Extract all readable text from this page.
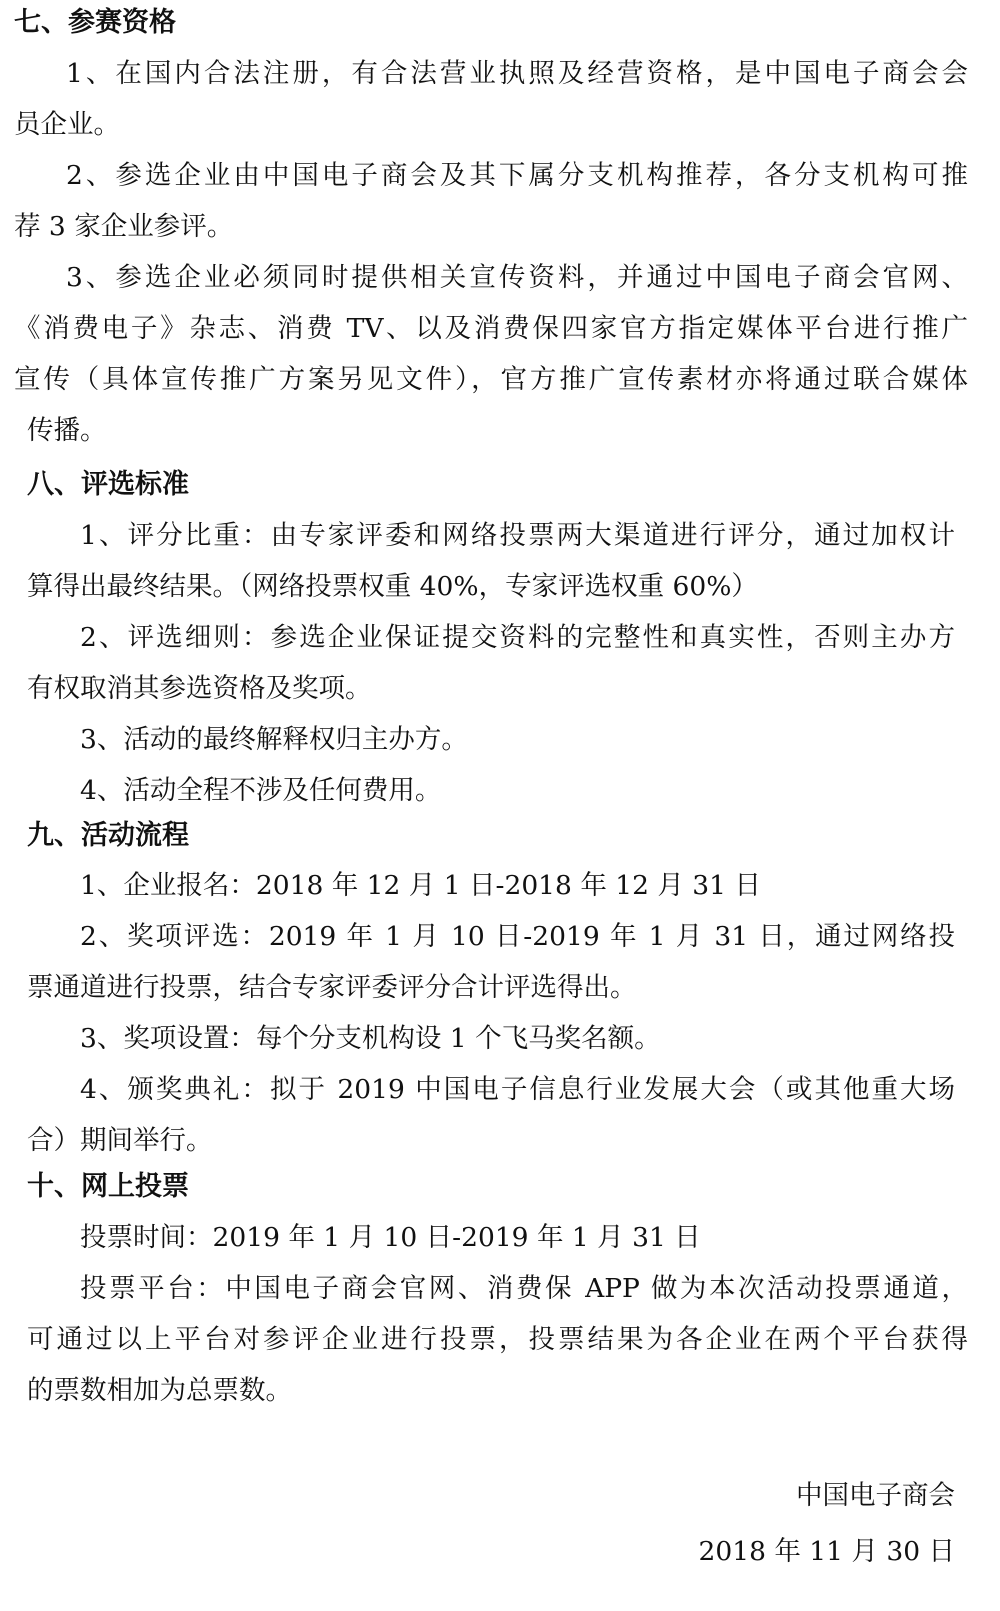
七、参赛资格
1、在国内合法注册，有合法营业执照及经营资格，是中国电子商会会
员企业。
2、参选企业由中国电子商会及其下属分支机构推荐，各分支机构可推
荐 3 家企业参评。
3、参选企业必须同时提供相关宣传资料，并通过中国电子商会官网、
《消费电子》杂志、消费 TV、以及消费保四家官方指定媒体平台进行推广
宣传（具体宣传推广方案另见文件），官方推广宣传素材亦将通过联合媒体
传播。
八、评选标准
1、评分比重：由专家评委和网络投票两大渠道进行评分，通过加权计
算得出最终结果。（网络投票权重 40%，专家评选权重 60%）
2、评选细则：参选企业保证提交资料的完整性和真实性，否则主办方
有权取消其参选资格及奖项。
3、活动的最终解释权归主办方。
4、活动全程不涉及任何费用。
九、活动流程
1、企业报名：2018 年 12 月 1 日-2018 年 12 月 31 日
2、奖项评选：2019 年 1 月 10 日-2019 年 1 月 31 日，通过网络投
票通道进行投票，结合专家评委评分合计评选得出。
3、奖项设置：每个分支机构设 1 个飞马奖名额。
4、颁奖典礼：拟于 2019 中国电子信息行业发展大会（或其他重大场
合）期间举行。
十、网上投票
投票时间：2019 年 1 月 10 日-2019 年 1 月 31 日
投票平台：中国电子商会官网、消费保 APP 做为本次活动投票通道，
可通过以上平台对参评企业进行投票，投票结果为各企业在两个平台获得
的票数相加为总票数。
中国电子商会
2018 年 11 月 30 日
